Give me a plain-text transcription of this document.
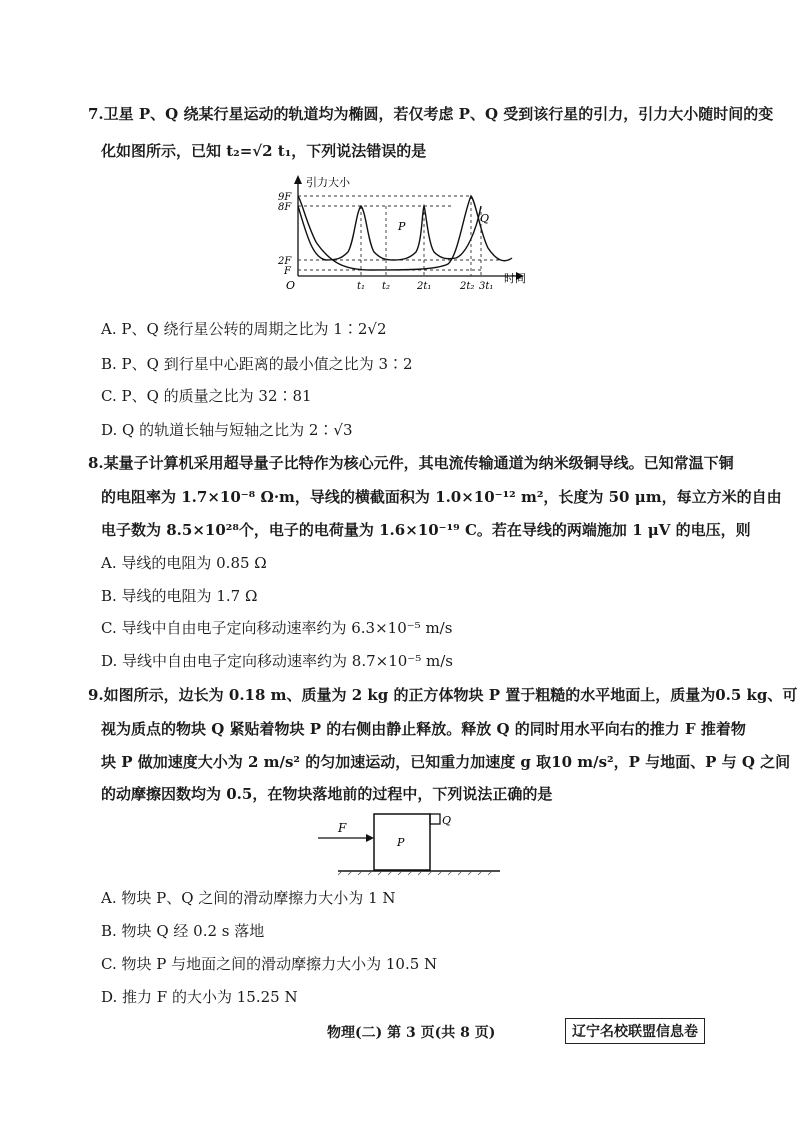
7.卫星 P、Q 绕某行星运动的轨道均为椭圆，若仅考虑 P、Q 受到该行星的引力，引力大小随时间的变
化如图所示，已知 t₂=√2 t₁，下列说法错误的是
引力大小
时间
O
9F
8F
2F
F
t₁ t₂	2t₁	2t₂ 3t₁
P
Q
A. P、Q 绕行星公转的周期之比为 1∶2√2
B. P、Q 到行星中心距离的最小值之比为 3∶2
C. P、Q 的质量之比为 32∶81
D. Q 的轨道长轴与短轴之比为 2∶√3
8.某量子计算机采用超导量子比特作为核心元件，其电流传输通道为纳米级铜导线。已知常温下铜
的电阻率为 1.7×10⁻⁸ Ω·m，导线的横截面积为 1.0×10⁻¹² m²，长度为 50 μm，每立方米的自由
电子数为 8.5×10²⁸个，电子的电荷量为 1.6×10⁻¹⁹ C。若在导线的两端施加 1 μV 的电压，则
A. 导线的电阻为 0.85 Ω
B. 导线的电阻为 1.7 Ω
C. 导线中自由电子定向移动速率约为 6.3×10⁻⁵ m/s
D. 导线中自由电子定向移动速率约为 8.7×10⁻⁵ m/s
9.如图所示，边长为 0.18 m、质量为 2 kg 的正方体物块 P 置于粗糙的水平地面上，质量为0.5 kg、可
视为质点的物块 Q 紧贴着物块 P 的右侧由静止释放。释放 Q 的同时用水平向右的推力 F 推着物
块 P 做加速度大小为 2 m/s² 的匀加速运动，已知重力加速度 g 取10 m/s²，P 与地面、P 与 Q 之间
的动摩擦因数均为 0.5，在物块落地前的过程中，下列说法正确的是
F
P
Q
A. 物块 P、Q 之间的滑动摩擦力大小为 1 N
B. 物块 Q 经 0.2 s 落地
C. 物块 P 与地面之间的滑动摩擦力大小为 10.5 N
D. 推力 F 的大小为 15.25 N
物理(二) 第 3 页(共 8 页)	辽宁名校联盟信息卷
